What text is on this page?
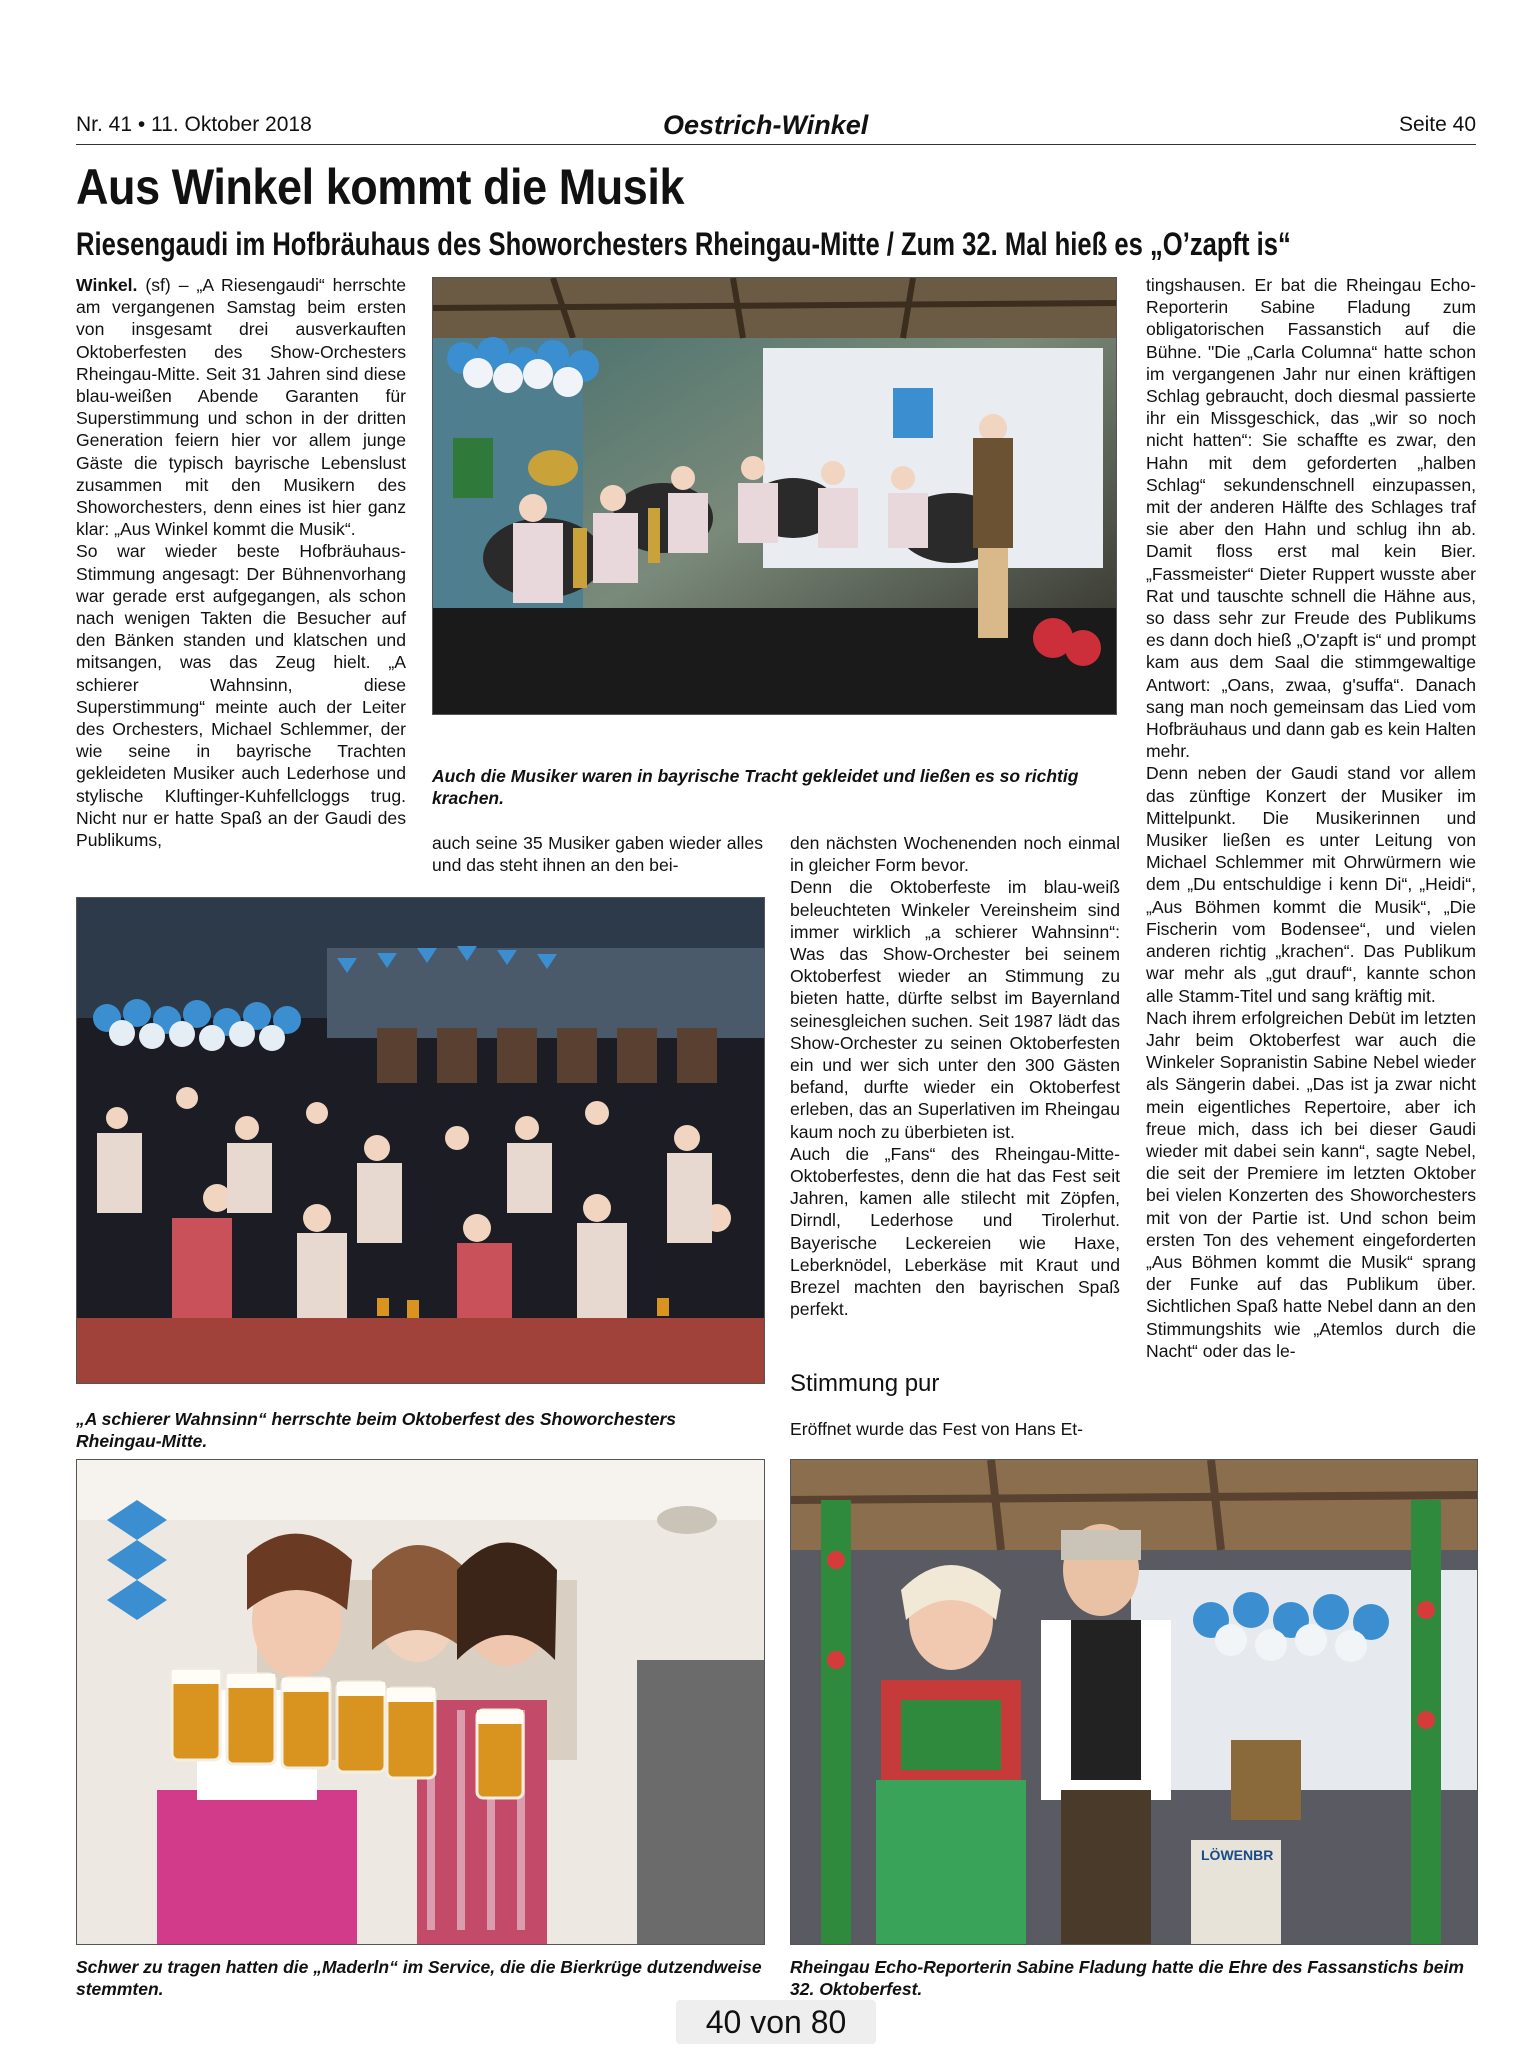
Nr. 41 • 11. Oktober 2018	Oestrich-Winkel	Seite 40
Aus Winkel kommt die Musik
Riesengaudi im Hofbräuhaus des Showorchesters Rheingau-Mitte / Zum 32. Mal hieß es „O’zapft is“

Winkel. (sf) – „A Riesengaudi“ herrschte am vergangenen Samstag beim ersten von insgesamt drei ausverkauften Oktoberfesten des Show-Orchesters Rheingau-Mitte. Seit 31 Jahren sind diese blau-weißen Abende Garanten für Superstimmung und schon in der dritten Generation feiern hier vor allem junge Gäste die typisch bayrische Lebenslust zusammen mit den Musikern des Showorchesters, denn eines ist hier ganz klar: „Aus Winkel kommt die Musik“.

So war wieder beste Hofbräuhaus-Stimmung angesagt: Der Bühnenvorhang war gerade erst aufgegangen, als schon nach wenigen Takten die Besucher auf den Bänken standen und klatschen und mitsangen, was das Zeug hielt. „A schierer Wahnsinn, diese Superstimmung“ meinte auch der Leiter des Orchesters, Michael Schlemmer, der wie seine in bayrische Trachten gekleideten Musiker auch Lederhose und stylische Kluftinger-Kuhfellcloggs trug. Nicht nur er hatte Spaß an der Gaudi des Publikums,

Auch die Musiker waren in bayrische Tracht gekleidet und ließen es so richtig krachen.

auch seine 35 Musiker gaben wieder alles und das steht ihnen an den bei-

den nächsten Wochenenden noch einmal in gleicher Form bevor.

Denn die Oktoberfeste im blau-weiß beleuchteten Winkeler Vereinsheim sind immer wirklich „a schierer Wahnsinn“: Was das Show-Orchester bei seinem Oktoberfest wieder an Stimmung zu bieten hatte, dürfte selbst im Bayernland seinesgleichen suchen. Seit 1987 lädt das Show-Orchester zu seinen Oktoberfesten ein und wer sich unter den 300 Gästen befand, durfte wieder ein Oktoberfest erleben, das an Superlativen im Rheingau kaum noch zu überbieten ist.

Auch die „Fans“ des Rheingau-Mitte-Oktoberfestes, denn die hat das Fest seit Jahren, kamen alle stilecht mit Zöpfen, Dirndl, Lederhose und Tirolerhut. Bayerische Leckereien wie Haxe, Leberknödel, Leberkäse mit Kraut und Brezel machten den bayrischen Spaß perfekt.

Stimmung pur

Eröffnet wurde das Fest von Hans Et-

tingshausen. Er bat die Rheingau Echo-Reporterin Sabine Fladung zum obligatorischen Fassanstich auf die Bühne. "Die „Carla Columna“ hatte schon im vergangenen Jahr nur einen kräftigen Schlag gebraucht, doch diesmal passierte ihr ein Missgeschick, das „wir so noch nicht hatten“: Sie schaffte es zwar, den Hahn mit dem geforderten „halben Schlag“ sekundenschnell einzupassen, mit der anderen Hälfte des Schlages traf sie aber den Hahn und schlug ihn ab. Damit floss erst mal kein Bier. „Fassmeister“ Dieter Ruppert wusste aber Rat und tauschte schnell die Hähne aus, so dass sehr zur Freude des Publikums es dann doch hieß „O'zapft is“ und prompt kam aus dem Saal die stimmgewaltige Antwort: „Oans, zwaa, g'suffa“. Danach sang man noch gemeinsam das Lied vom Hofbräuhaus und dann gab es kein Halten mehr.

Denn neben der Gaudi stand vor allem das zünftige Konzert der Musiker im Mittelpunkt. Die Musikerinnen und Musiker ließen es unter Leitung von Michael Schlemmer mit Ohrwürmern wie dem „Du entschuldige i kenn Di“, „Heidi“, „Aus Böhmen kommt die Musik“, „Die Fischerin vom Bodensee“, und vielen anderen richtig „krachen“. Das Publikum war mehr als „gut drauf“, kannte schon alle Stamm-Titel und sang kräftig mit.

Nach ihrem erfolgreichen Debüt im letzten Jahr beim Oktoberfest war auch die Winkeler Sopranistin Sabine Nebel wieder als Sängerin dabei. „Das ist ja zwar nicht mein eigentliches Repertoire, aber ich freue mich, dass ich bei dieser Gaudi wieder mit dabei sein kann“, sagte Nebel, die seit der Premiere im letzten Oktober bei vielen Konzerten des Showorchesters mit von der Partie ist. Und schon beim ersten Ton des vehement eingeforderten „Aus Böhmen kommt die Musik“ sprang der Funke auf das Publikum über. Sichtlichen Spaß hatte Nebel dann an den Stimmungshits wie „Atemlos durch die Nacht“ oder das le-

„A schierer Wahnsinn“ herrschte beim Oktoberfest des Showorchesters Rheingau-Mitte.
Schwer zu tragen hatten die „Maderln“ im Service, die die Bierkrüge dutzendweise stemmten.
LÖWENBR
Rheingau Echo-Reporterin Sabine Fladung hatte die Ehre des Fassanstichs beim 32. Oktoberfest.
40 von 80
